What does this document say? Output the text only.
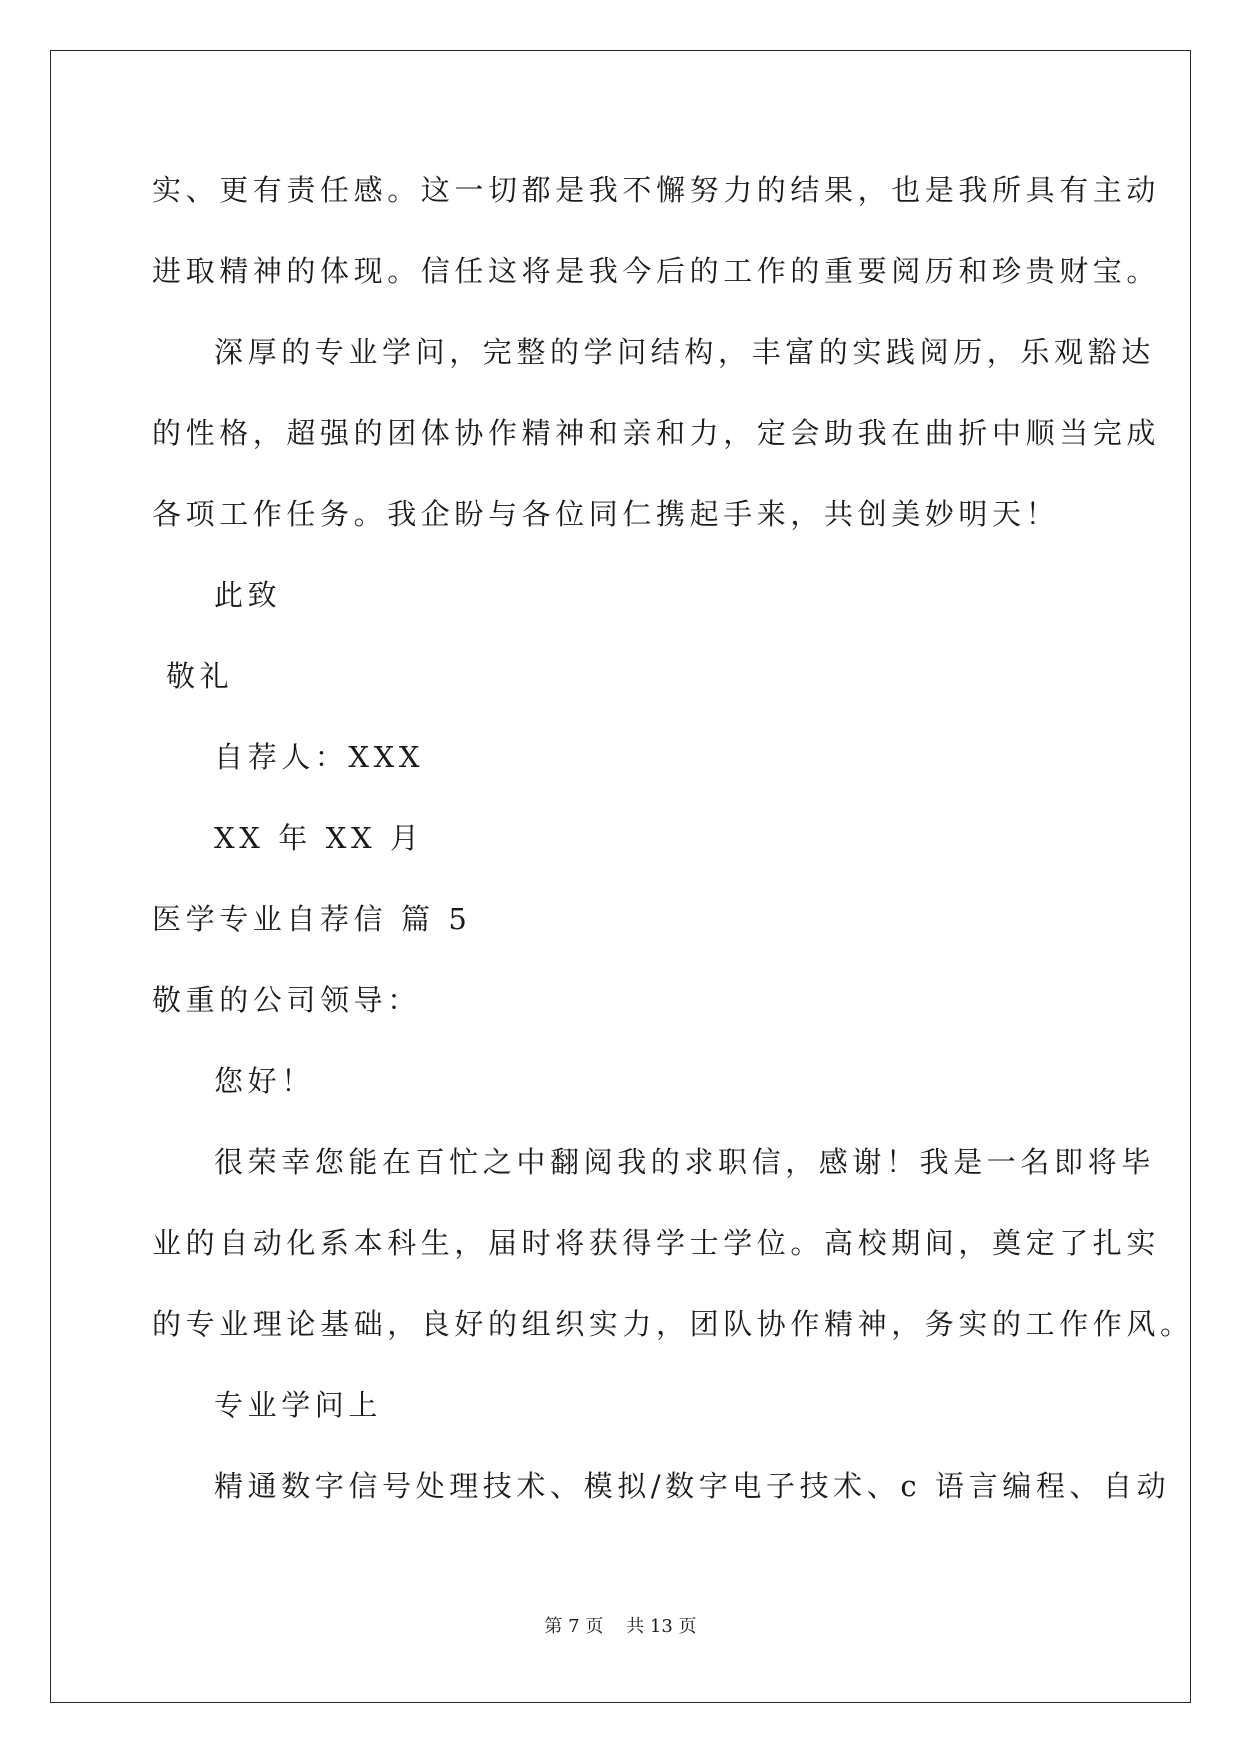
实、更有责任感。这一切都是我不懈努力的结果，也是我所具有主动
进取精神的体现。信任这将是我今后的工作的重要阅历和珍贵财宝。
深厚的专业学问，完整的学问结构，丰富的实践阅历，乐观豁达
的性格，超强的团体协作精神和亲和力，定会助我在曲折中顺当完成
各项工作任务。我企盼与各位同仁携起手来，共创美妙明天！
此致
敬礼
自荐人：XXX
XX 年 XX 月
医学专业自荐信 篇 5
敬重的公司领导：
您好！
很荣幸您能在百忙之中翻阅我的求职信，感谢！我是一名即将毕
业的自动化系本科生，届时将获得学士学位。高校期间，奠定了扎实
的专业理论基础，良好的组织实力，团队协作精神，务实的工作作风。
专业学问上
精通数字信号处理技术、模拟/数字电子技术、c 语言编程、自动
第 7 页    共 13 页
